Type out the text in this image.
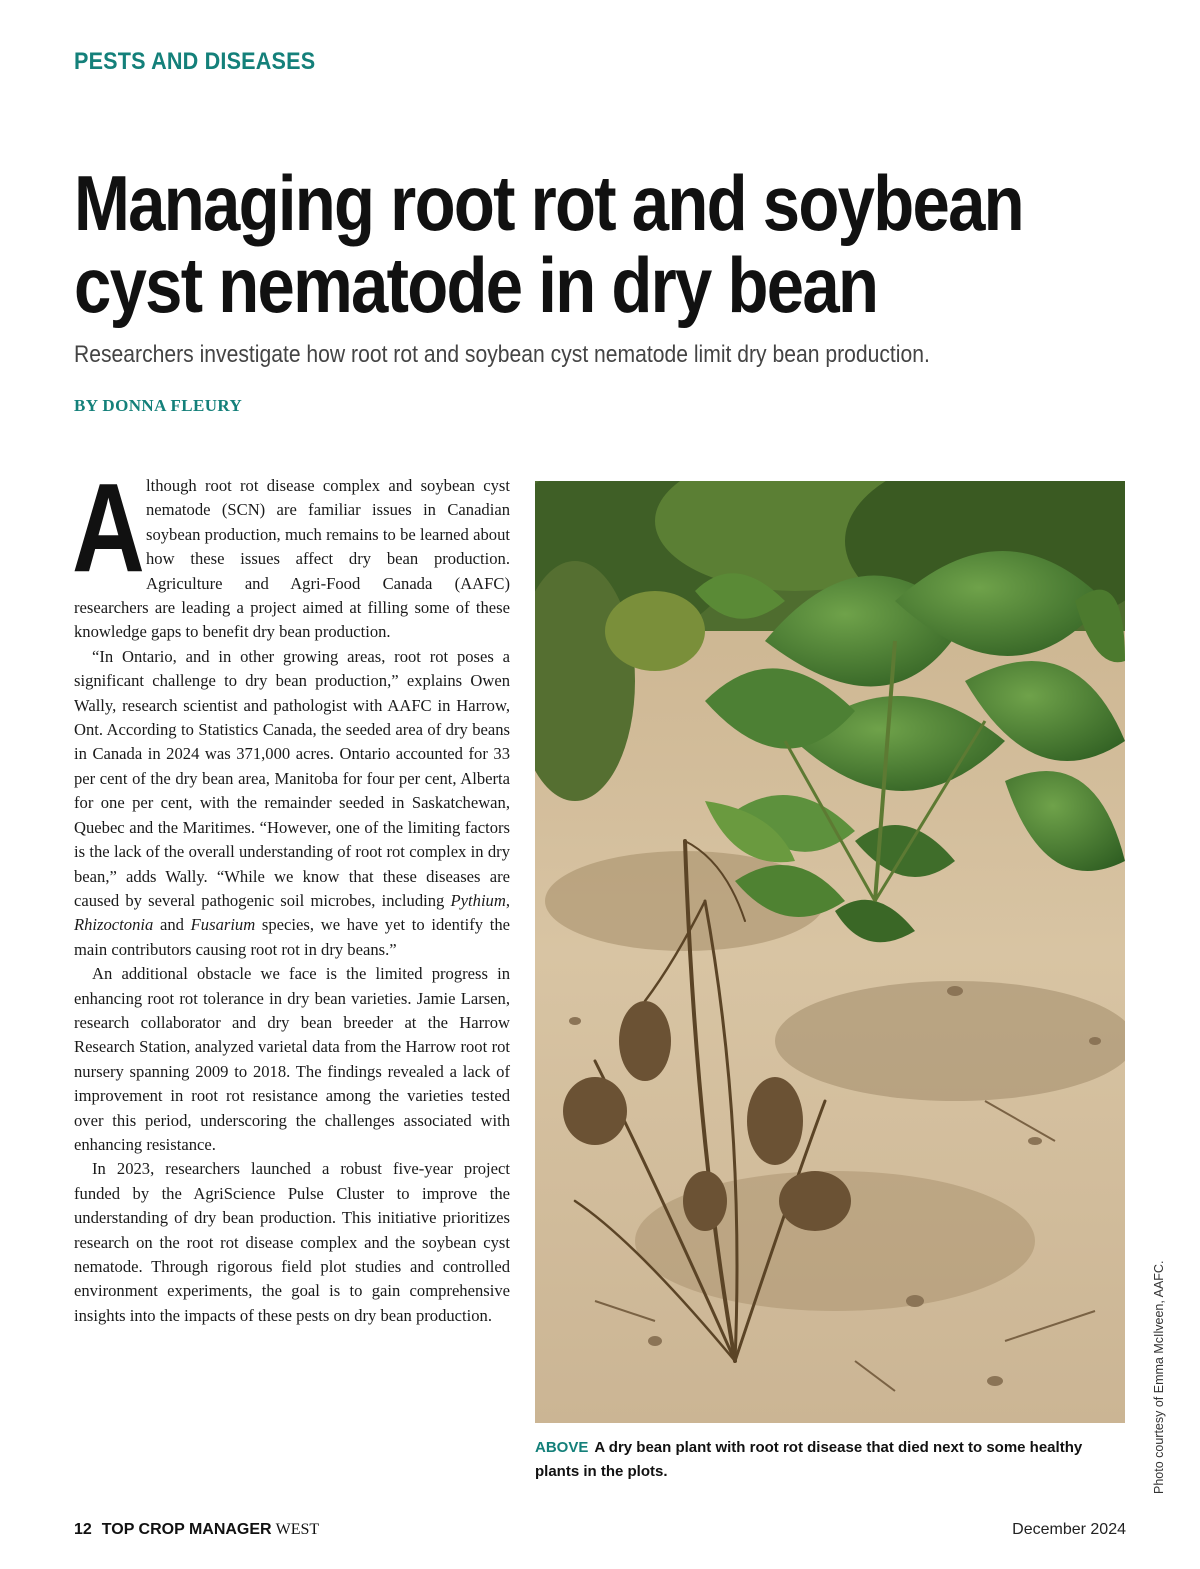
PESTS AND DISEASES
Managing root rot and soybean cyst nematode in dry bean
Researchers investigate how root rot and soybean cyst nematode limit dry bean production.
BY DONNA FLEURY

Although root rot disease complex and soybean cyst nematode (SCN) are familiar issues in Canadian soybean production, much remains to be learned about how these issues affect dry bean production. Agriculture and Agri-Food Canada (AAFC) researchers are leading a project aimed at filling some of these knowledge gaps to benefit dry bean production.

“In Ontario, and in other growing areas, root rot poses a significant challenge to dry bean production,” explains Owen Wally, research scientist and pathologist with AAFC in Harrow, Ont. According to Statistics Canada, the seeded area of dry beans in Canada in 2024 was 371,000 acres. Ontario accounted for 33 per cent of the dry bean area, Manitoba for four per cent, Alberta for one per cent, with the remainder seeded in Saskatchewan, Quebec and the Maritimes. “However, one of the limiting factors is the lack of the overall understanding of root rot complex in dry bean,” adds Wally. “While we know that these diseases are caused by several pathogenic soil microbes, including Pythium, Rhizoctonia and Fusarium species, we have yet to identify the main contributors causing root rot in dry beans.”

An additional obstacle we face is the limited progress in enhancing root rot tolerance in dry bean varieties. Jamie Larsen, research collaborator and dry bean breeder at the Harrow Research Station, analyzed varietal data from the Harrow root rot nursery spanning 2009 to 2018. The findings revealed a lack of improvement in root rot resistance among the varieties tested over this period, underscoring the challenges associated with enhancing resistance.

In 2023, researchers launched a robust five-year project funded by the AgriScience Pulse Cluster to improve the understanding of dry bean production. This initiative prioritizes research on the root rot disease complex and the soybean cyst nematode. Through rigorous field plot studies and controlled environment experiments, the goal is to gain comprehensive insights into the impacts of these pests on dry bean production.	Photo courtesy of Emma McIlveen, AAFC.
ABOVE A dry bean plant with root rot disease that died next to some healthy plants in the plots.
12 TOP CROP MANAGER WEST	December 2024
